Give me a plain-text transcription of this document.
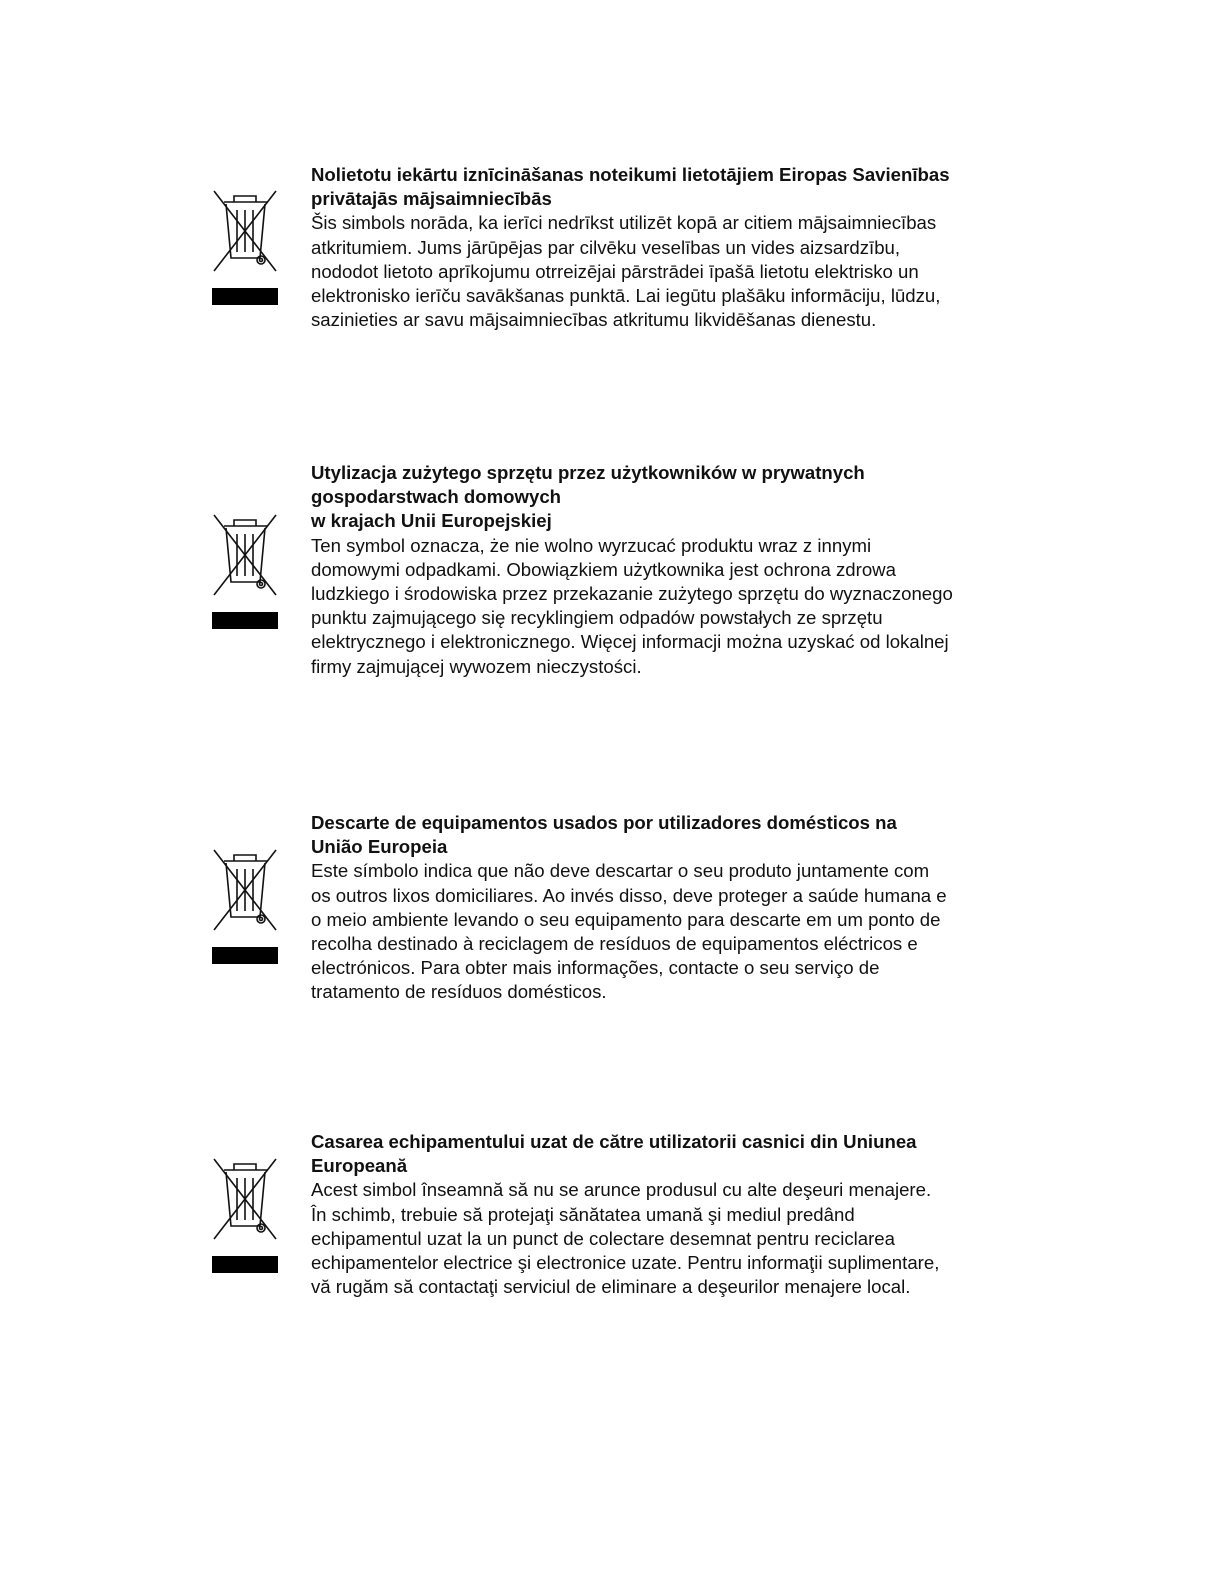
Nolietotu iekārtu iznīcināšanas noteikumi lietotājiem Eiropas Savienības
privātajās mājsaimniecībās

Šis simbols norāda, ka ierīci nedrīkst utilizēt kopā ar citiem mājsaimniecības
atkritumiem. Jums jārūpējas par cilvēku veselības un vides aizsardzību,
nododot lietoto aprīkojumu otrreizējai pārstrādei īpašā lietotu elektrisko un
elektronisko ierīču savākšanas punktā. Lai iegūtu plašāku informāciju, lūdzu,
sazinieties ar savu mājsaimniecības atkritumu likvidēšanas dienestu.

Utylizacja zużytego sprzętu przez użytkowników w prywatnych
gospodarstwach domowych
w krajach Unii Europejskiej

Ten symbol oznacza, że nie wolno wyrzucać produktu wraz z innymi
domowymi odpadkami. Obowiązkiem użytkownika jest ochrona zdrowa
ludzkiego i środowiska przez przekazanie zużytego sprzętu do wyznaczonego
punktu zajmującego się recyklingiem odpadów powstałych ze sprzętu
elektrycznego i elektronicznego. Więcej informacji można uzyskać od lokalnej
firmy zajmującej wywozem nieczystości.

Descarte de equipamentos usados por utilizadores domésticos na
União Europeia

Este símbolo indica que não deve descartar o seu produto juntamente com
os outros lixos domiciliares. Ao invés disso, deve proteger a saúde humana e
o meio ambiente levando o seu equipamento para descarte em um ponto de
recolha destinado à reciclagem de resíduos de equipamentos eléctricos e
electrónicos. Para obter mais informações, contacte o seu serviço de
tratamento de resíduos domésticos.

Casarea echipamentului uzat de către utilizatorii casnici din Uniunea
Europeană

Acest simbol înseamnă să nu se arunce produsul cu alte deşeuri menajere.
În schimb, trebuie să protejaţi sănătatea umană şi mediul predând
echipamentul uzat la un punct de colectare desemnat pentru reciclarea
echipamentelor electrice şi electronice uzate. Pentru informaţii suplimentare,
vă rugăm să contactaţi serviciul de eliminare a deşeurilor menajere local.
